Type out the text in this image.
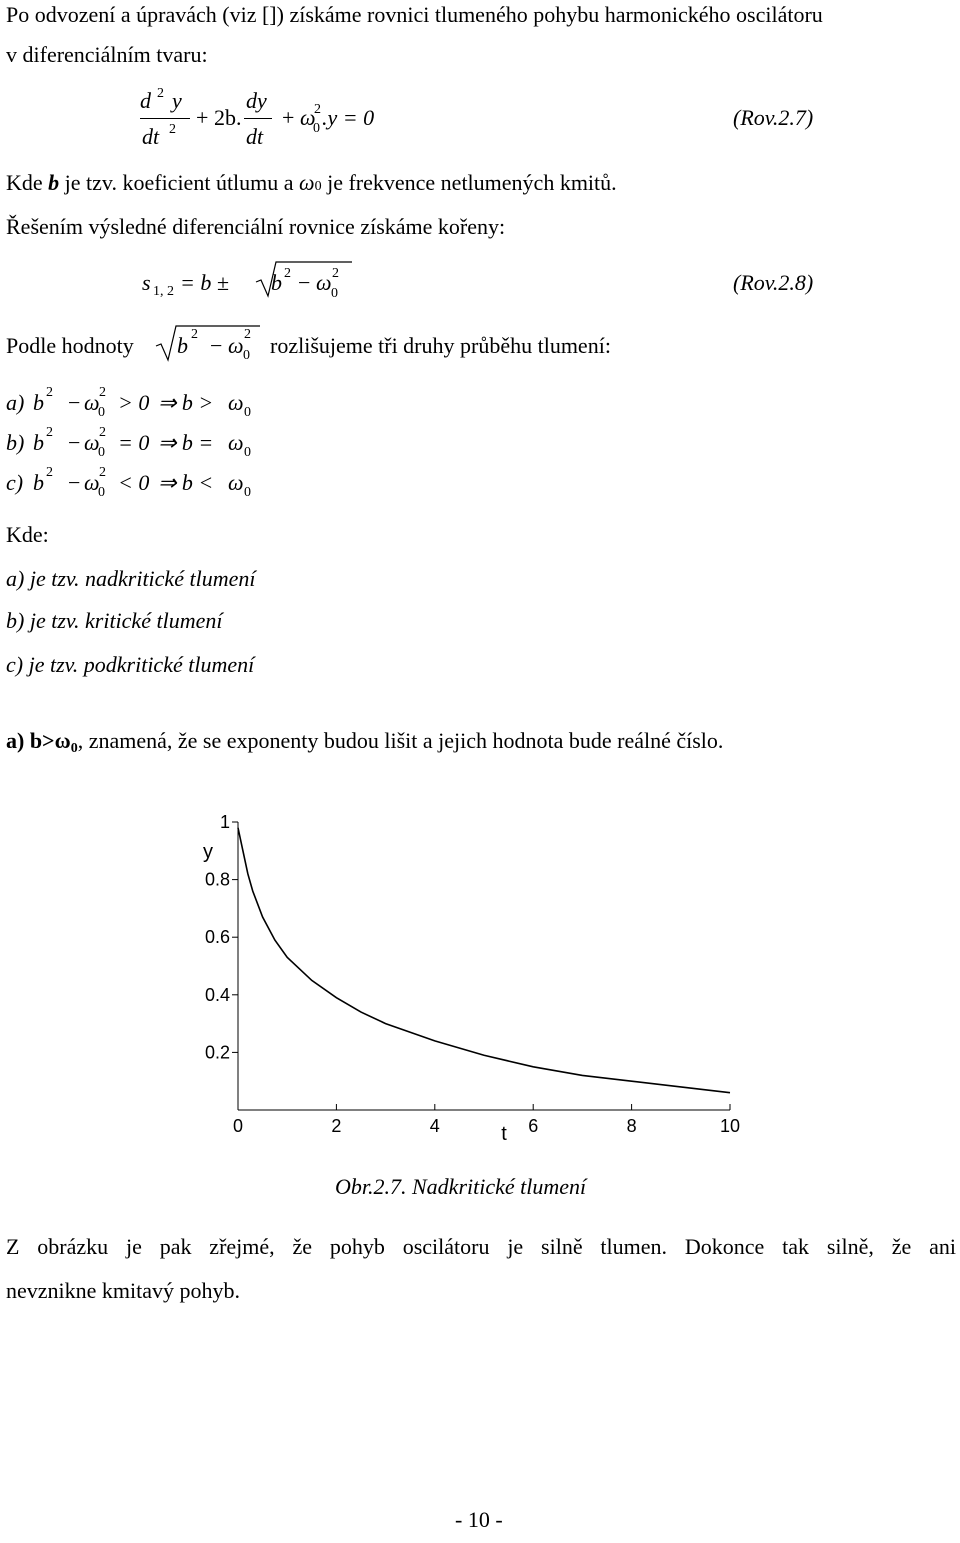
Po odvození a úpravách (viz []) získáme rovnici tlumeného pohybu harmonického oscilátoru
v diferenciálním tvaru:
d 2 y
dt 2 + 2b.
dy
dt
+ ω
0
2 .y = 0	(Rov.2.7)
Kde b je tzv. koeficient útlumu a ω0 je frekvence netlumených kmitů.
Řešením výsledné diferenciální rovnice získáme kořeny:
s 1, 2 = b ± b 2 − ω 0
2	(Rov.2.8)
Podle hodnoty b 2 − ω 0
2 rozlišujeme tři druhy průběhu tlumení:
a) b 2 − ω
0
2 > 0 ⇒ b > ω 0
b) b 2 − ω
0
2 = 0 ⇒ b = ω 0
c) b 2 − ω
0
2 < 0 ⇒ b < ω 0
Kde:
a) je tzv. nadkritické tlumení
b) je tzv. kritické tlumení
c) je tzv. podkritické tlumení
a) b>ω0, znamená, že se exponenty budou lišit a jejich hodnota bude reálné číslo.
0	2	4	6	8	10
0.2
0.4
0.6
0.8
1
t
y
Obr.2.7. Nadkritické tlumení
Z obrázku je pak zřejmé, že pohyb oscilátoru je silně tlumen. Dokonce tak silně, že ani
nevznikne kmitavý pohyb.
- 10 -
